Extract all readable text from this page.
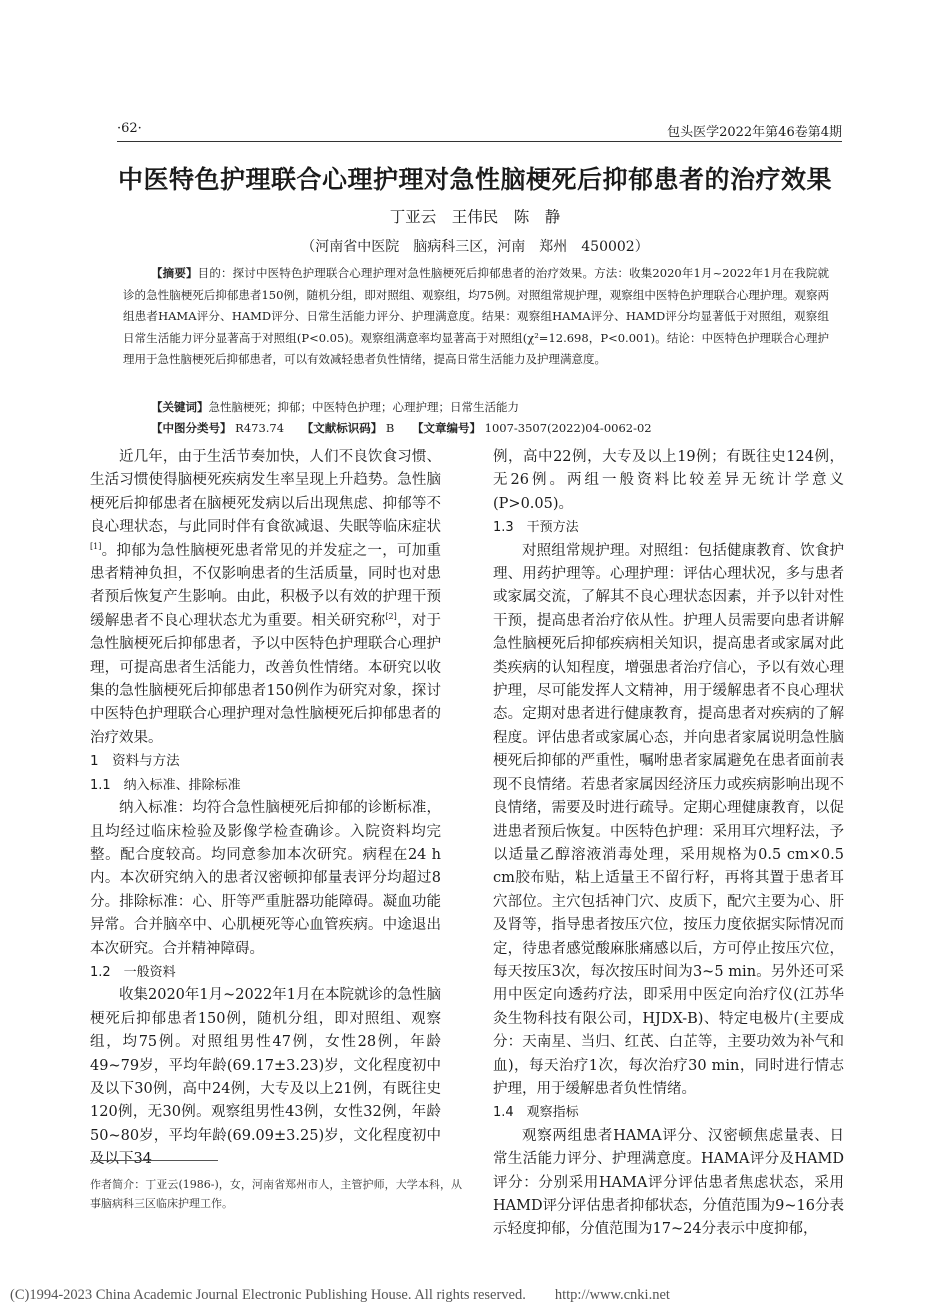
·62·	包头医学2022年第46卷第4期
中医特色护理联合心理护理对急性脑梗死后抑郁患者的治疗效果
丁亚云　王伟民　陈　静
（河南省中医院　脑病科三区，河南　郑州　450002）
【摘要】目的：探讨中医特色护理联合心理护理对急性脑梗死后抑郁患者的治疗效果。方法：收集2020年1月~2022年1月在我院就诊的急性脑梗死后抑郁患者150例，随机分组，即对照组、观察组，均75例。对照组常规护理，观察组中医特色护理联合心理护理。观察两组患者HAMA评分、HAMD评分、日常生活能力评分、护理满意度。结果：观察组HAMA评分、HAMD评分均显著低于对照组，观察组日常生活能力评分显著高于对照组(P<0.05)。观察组满意率均显著高于对照组(χ²=12.698，P<0.001)。结论：中医特色护理联合心理护理用于急性脑梗死后抑郁患者，可以有效减轻患者负性情绪，提高日常生活能力及护理满意度。
【关键词】急性脑梗死；抑郁；中医特色护理；心理护理；日常生活能力
【中图分类号】 R473.74 【文献标识码】 B 【文章编号】 1007-3507(2022)04-0062-02

近几年，由于生活节奏加快，人们不良饮食习惯、生活习惯使得脑梗死疾病发生率呈现上升趋势。急性脑梗死后抑郁患者在脑梗死发病以后出现焦虑、抑郁等不良心理状态，与此同时伴有食欲减退、失眠等临床症状[1]。抑郁为急性脑梗死患者常见的并发症之一，可加重患者精神负担，不仅影响患者的生活质量，同时也对患者预后恢复产生影响。由此，积极予以有效的护理干预缓解患者不良心理状态尤为重要。相关研究称[2]，对于急性脑梗死后抑郁患者，予以中医特色护理联合心理护理，可提高患者生活能力，改善负性情绪。本研究以收集的急性脑梗死后抑郁患者150例作为研究对象，探讨中医特色护理联合心理护理对急性脑梗死后抑郁患者的治疗效果。

1　资料与方法
1.1　纳入标准、排除标准

纳入标准：均符合急性脑梗死后抑郁的诊断标准，且均经过临床检验及影像学检查确诊。入院资料均完整。配合度较高。均同意参加本次研究。病程在24 h内。本次研究纳入的患者汉密顿抑郁量表评分均超过8分。排除标准：心、肝等严重脏器功能障碍。凝血功能异常。合并脑卒中、心肌梗死等心血管疾病。中途退出本次研究。合并精神障碍。

1.2　一般资料

收集2020年1月~2022年1月在本院就诊的急性脑梗死后抑郁患者150例，随机分组，即对照组、观察组，均75例。对照组男性47例，女性28例，年龄49~79岁，平均年龄(69.17±3.23)岁，文化程度初中及以下30例，高中24例，大专及以上21例，有既往史120例，无30例。观察组男性43例，女性32例，年龄50~80岁，平均年龄(69.09±3.25)岁，文化程度初中及以下34

例，高中22例，大专及以上19例；有既往史124例，无26例。两组一般资料比较差异无统计学意义(P>0.05)。

1.3　干预方法

对照组常规护理。对照组：包括健康教育、饮食护理、用药护理等。心理护理：评估心理状况，多与患者或家属交流，了解其不良心理状态因素，并予以针对性干预，提高患者治疗依从性。护理人员需要向患者讲解急性脑梗死后抑郁疾病相关知识，提高患者或家属对此类疾病的认知程度，增强患者治疗信心，予以有效心理护理，尽可能发挥人文精神，用于缓解患者不良心理状态。定期对患者进行健康教育，提高患者对疾病的了解程度。评估患者或家属心态，并向患者家属说明急性脑梗死后抑郁的严重性，嘱咐患者家属避免在患者面前表现不良情绪。若患者家属因经济压力或疾病影响出现不良情绪，需要及时进行疏导。定期心理健康教育，以促进患者预后恢复。中医特色护理：采用耳穴埋籽法，予以适量乙醇溶液消毒处理，采用规格为0.5 cm×0.5 cm胶布贴，粘上适量王不留行籽，再将其置于患者耳穴部位。主穴包括神门穴、皮质下，配穴主要为心、肝及肾等，指导患者按压穴位，按压力度依据实际情况而定，待患者感觉酸麻胀痛感以后，方可停止按压穴位，每天按压3次，每次按压时间为3~5 min。另外还可采用中医定向透药疗法，即采用中医定向治疗仪(江苏华灸生物科技有限公司，HJDX-B)、特定电极片(主要成分：天南星、当归、红芪、白芷等，主要功效为补气和血)，每天治疗1次，每次治疗30 min，同时进行情志护理，用于缓解患者负性情绪。

1.4　观察指标

观察两组患者HAMA评分、汉密顿焦虑量表、日常生活能力评分、护理满意度。HAMA评分及HAMD评分：分别采用HAMA评分评估患者焦虑状态，采用HAMD评分评估患者抑郁状态，分值范围为9~16分表示轻度抑郁，分值范围为17~24分表示中度抑郁，

作者简介：丁亚云(1986-)，女，河南省郑州市人，主管护师，大学本科，从事脑病科三区临床护理工作。
(C)1994-2023 China Academic Journal Electronic Publishing House. All rights reserved.　　http://www.cnki.net
